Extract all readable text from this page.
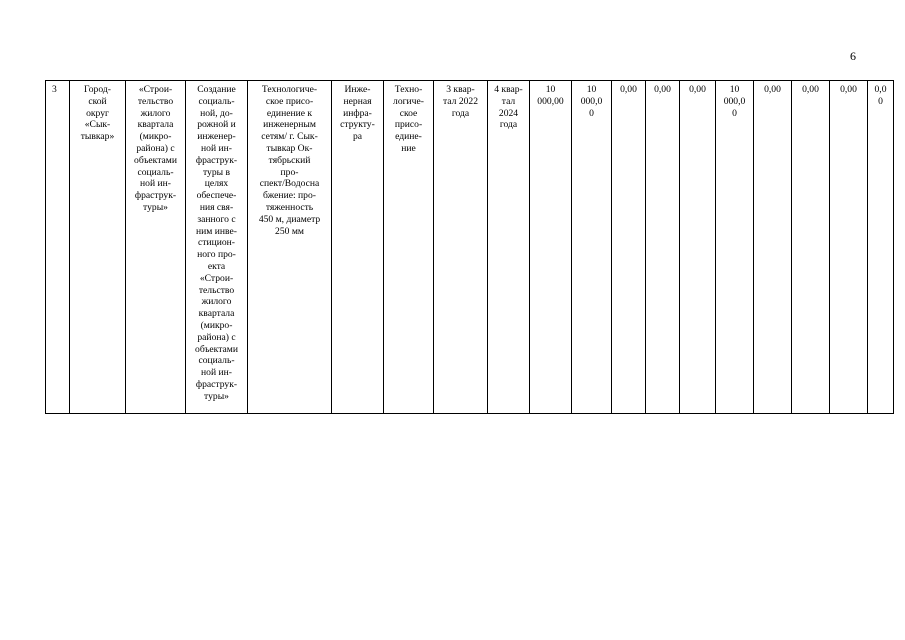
6
3	Город-
ской
округ
«Сык-
тывкар»	«Строи-
тельство
жилого
квартала
(микро-
района) с
объектами
социаль-
ной ин-
фраструк-
туры»	Создание
социаль-
ной, до-
рожной и
инженер-
ной ин-
фраструк-
туры в
целях
обеспече-
ния свя-
занного с
ним инве-
стицион-
ного про-
екта
«Строи-
тельство
жилого
квартала
(микро-
района) с
объектами
социаль-
ной ин-
фраструк-
туры»	Технологиче-
ское присо-
единение к
инженерным
сетям/ г. Сык-
тывкар Ок-
тябрьский
про-
спект/Водосна
бжение: про-
тяженность
450 м, диаметр
250 мм	Инже-
нерная
инфра-
структу-
ра	Техно-
логиче-
ское
присо-
едине-
ние	3 квар-
тал 2022
года	4 квар-
тал
2024
года	10
000,00	10
000,0
0	0,00	0,00	0,00	10
000,0
0	0,00	0,00	0,00	0,0
0
